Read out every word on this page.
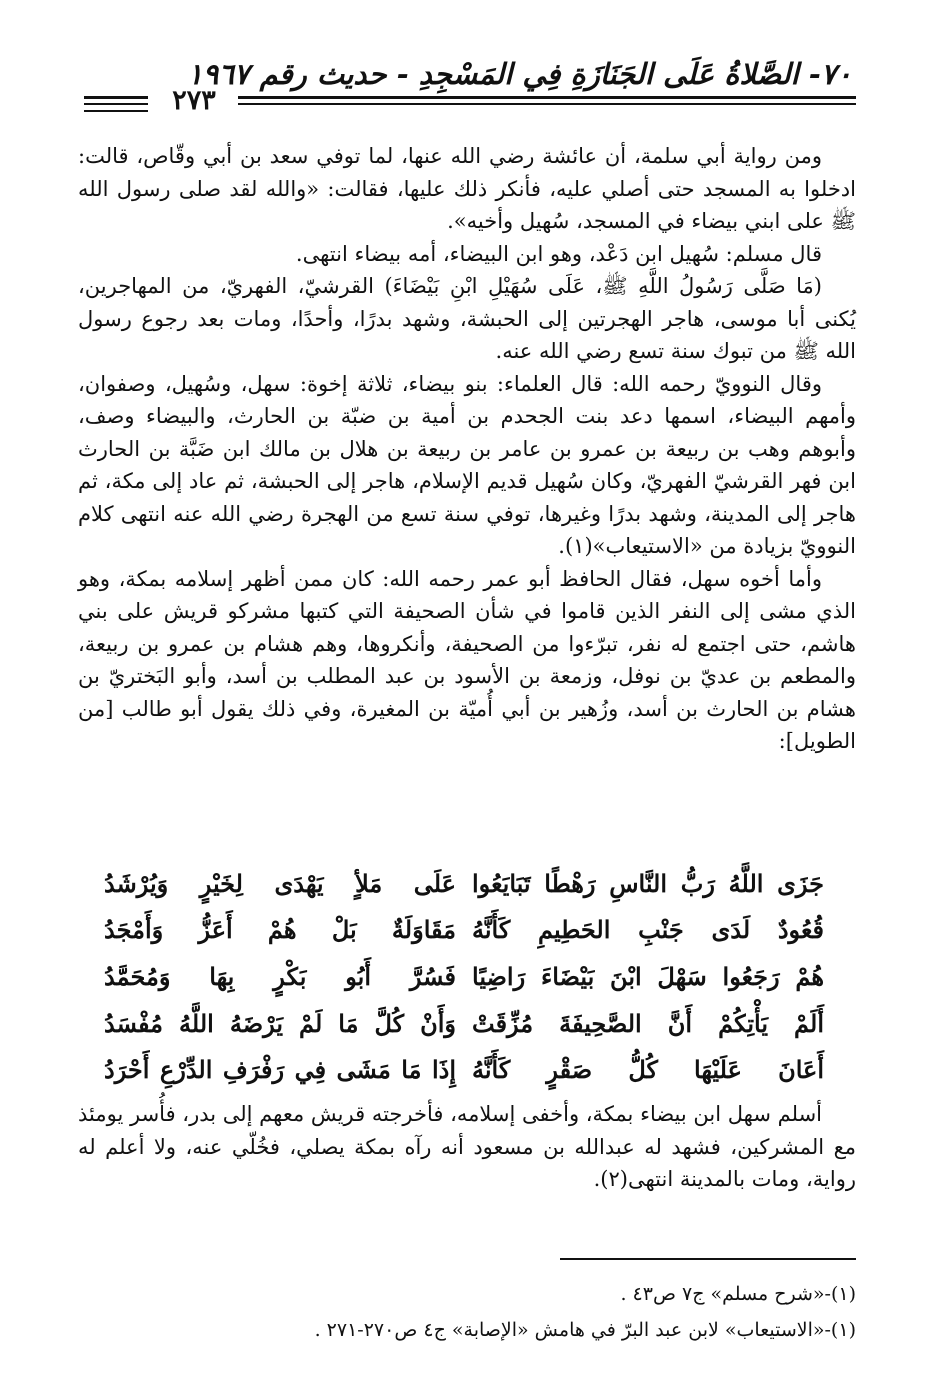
٧٠- الصَّلاةُ عَلَى الجَنَازَةِ فِي المَسْجِدِ - حديث رقم ١٩٦٧
٢٧٣

ومن رواية أبي سلمة، أن عائشة رضي الله عنها، لما توفي سعد بن أبي وقّاص، قالت: ادخلوا به المسجد حتى أصلي عليه، فأنكر ذلك عليها، فقالت: «والله لقد صلى رسول الله ﷺ على ابني بيضاء في المسجد، سُهيل وأخيه».

قال مسلم: سُهيل ابن دَعْد، وهو ابن البيضاء، أمه بيضاء انتهى.

(مَا صَلَّى رَسُولُ اللَّهِ ﷺ، عَلَى سُهَيْلِ ابْنِ بَيْضَاءَ) القرشيّ، الفهريّ، من المهاجرين، يُكنى أبا موسى، هاجر الهجرتين إلى الحبشة، وشهد بدرًا، وأحدًا، ومات بعد رجوع رسول الله ﷺ من تبوك سنة تسع رضي الله عنه.

وقال النوويّ رحمه الله: قال العلماء: بنو بيضاء، ثلاثة إخوة: سهل، وسُهيل، وصفوان، وأمهم البيضاء، اسمها دعد بنت الجحدم بن أمية بن ضبّة بن الحارث، والبيضاء وصف، وأبوهم وهب بن ربيعة بن عمرو بن عامر بن ربيعة بن هلال بن مالك ابن ضَبَّة بن الحارث ابن فهر القرشيّ الفهريّ، وكان سُهيل قديم الإسلام، هاجر إلى الحبشة، ثم عاد إلى مكة، ثم هاجر إلى المدينة، وشهد بدرًا وغيرها، توفي سنة تسع من الهجرة رضي الله عنه انتهى كلام النوويّ بزيادة من «الاستيعاب»(١).

وأما أخوه سهل، فقال الحافظ أبو عمر رحمه الله: كان ممن أظهر إسلامه بمكة، وهو الذي مشى إلى النفر الذين قاموا في شأن الصحيفة التي كتبها مشركو قريش على بني هاشم، حتى اجتمع له نفر، تبرّءوا من الصحيفة، وأنكروها، وهم هشام بن عمرو بن ربيعة، والمطعم بن عديّ بن نوفل، وزمعة بن الأسود بن عبد المطلب بن أسد، وأبو البَختريّ بن هشام بن الحارث بن أسد، وزُهير بن أبي أُميّة بن المغيرة، وفي ذلك يقول أبو طالب [من الطويل]:

جَزَى اللَّهُ رَبُّ النَّاسِ رَهْطًا تَبَايَعُوا
عَلَى مَلأٍ يَهْدَى لِخَيْرٍ وَيُرْشَدُ
قُعُودٌ لَدَى جَنْبِ الحَطِيمِ كَأَنَّهُ
مَقَاوَلَةٌ بَلْ هُمْ أَعَزُّ وَأَمْجَدُ
هُمْ رَجَعُوا سَهْلَ ابْنَ بَيْضَاءَ رَاضِيًا
فَسُرَّ أَبُو بَكْرٍ بِهَا وَمُحَمَّدُ
أَلَمْ يَأْتِكُمْ أَنَّ الصَّحِيفَةَ مُزِّقَتْ
وَأَنْ كُلَّ مَا لَمْ يَرْضَهُ اللَّهُ مُفْسَدُ
أَعَانَ عَلَيْهَا كُلُّ صَقْرٍ كَأَنَّهُ
إِذَا مَا مَشَى فِي رَفْرَفِ الدِّرْعِ أَحْرَدُ

أسلم سهل ابن بيضاء بمكة، وأخفى إسلامه، فأخرجته قريش معهم إلى بدر، فأُسر يومئذ مع المشركين، فشهد له عبدالله بن مسعود أنه رآه بمكة يصلي، فخُلّي عنه، ولا أعلم له رواية، ومات بالمدينة انتهى(٢).

(١)-«شرح مسلم» ج٧ ص٤٣ .
(١)-«الاستيعاب» لابن عبد البرّ في هامش «الإصابة» ج٤ ص٢٧٠-٢٧١ .
